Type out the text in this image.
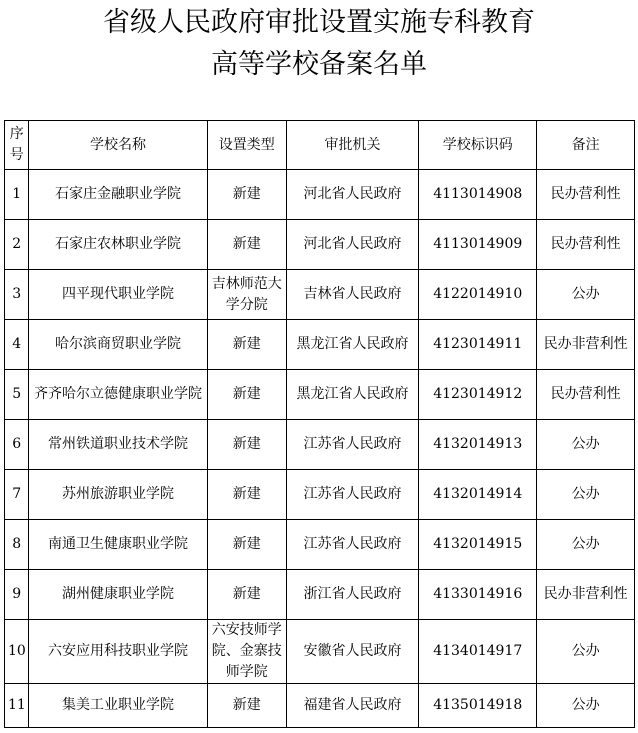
省级人民政府审批设置实施专科教育
高等学校备案名单
序号	学校名称	设置类型	审批机关	学校标识码	备注
1	石家庄金融职业学院	新建	河北省人民政府	4113014908	民办营利性
2	石家庄农林职业学院	新建	河北省人民政府	4113014909	民办营利性
3	四平现代职业学院	吉林师范大学分院	吉林省人民政府	4122014910	公办
4	哈尔滨商贸职业学院	新建	黑龙江省人民政府	4123014911	民办非营利性
5	齐齐哈尔立德健康职业学院	新建	黑龙江省人民政府	4123014912	民办营利性
6	常州铁道职业技术学院	新建	江苏省人民政府	4132014913	公办
7	苏州旅游职业学院	新建	江苏省人民政府	4132014914	公办
8	南通卫生健康职业学院	新建	江苏省人民政府	4132014915	公办
9	湖州健康职业学院	新建	浙江省人民政府	4133014916	民办非营利性
10	六安应用科技职业学院	六安技师学院、金寨技师学院	安徽省人民政府	4134014917	公办
11	集美工业职业学院	新建	福建省人民政府	4135014918	公办
